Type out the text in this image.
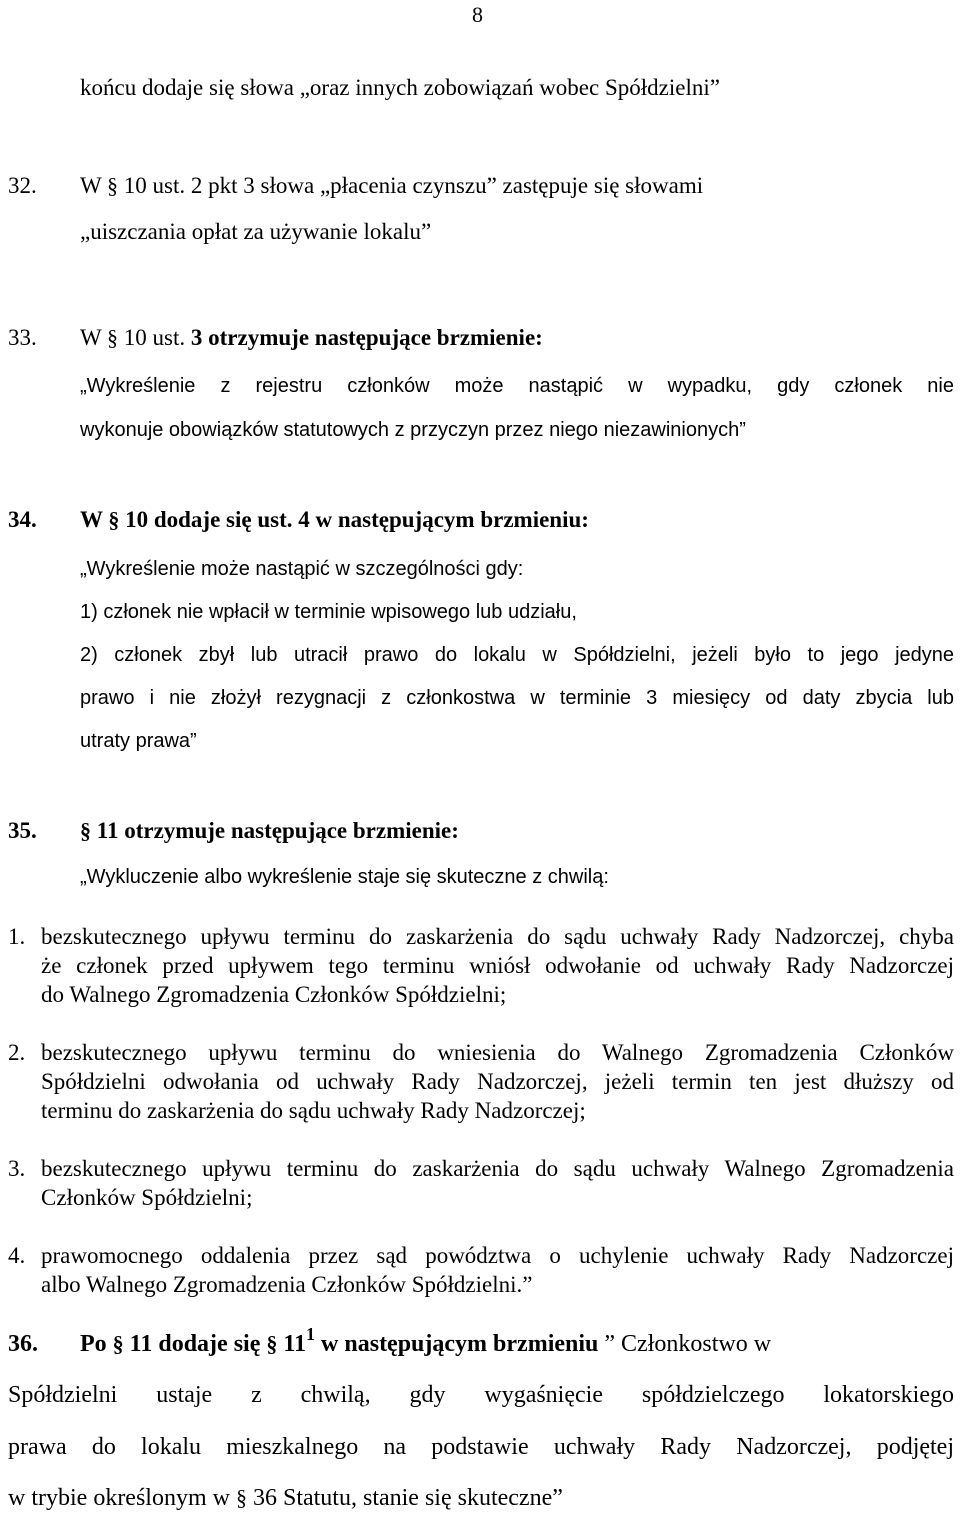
8
końcu dodaje się słowa „oraz innych zobowiązań wobec Spółdzielni”
32. W § 10 ust. 2 pkt 3 słowa „płacenia czynszu” zastępuje się słowami
„uiszczania opłat za używanie lokalu”
33. W § 10 ust. 3 otrzymuje następujące brzmienie:
„Wykreślenie z rejestru członków może nastąpić w wypadku, gdy członek nie
wykonuje obowiązków statutowych z przyczyn przez niego niezawinionych”
34. W § 10 dodaje się ust. 4 w następującym brzmieniu:
„Wykreślenie może nastąpić w szczególności gdy:
1) członek nie wpłacił w terminie wpisowego lub udziału,
2) członek zbył lub utracił prawo do lokalu w Spółdzielni, jeżeli było to jego jedyne
prawo i nie złożył rezygnacji z członkostwa w terminie 3 miesięcy od daty zbycia lub
utraty prawa”
35. § 11 otrzymuje następujące brzmienie:
„Wykluczenie albo wykreślenie staje się skuteczne z chwilą:
1. bezskutecznego upływu terminu do zaskarżenia do sądu uchwały Rady Nadzorczej, chyba
że członek przed upływem tego terminu wniósł odwołanie od uchwały Rady Nadzorczej
do Walnego Zgromadzenia Członków Spółdzielni;
2. bezskutecznego upływu terminu do wniesienia do Walnego Zgromadzenia Członków
Spółdzielni odwołania od uchwały Rady Nadzorczej, jeżeli termin ten jest dłuższy od
terminu do zaskarżenia do sądu uchwały Rady Nadzorczej;
3. bezskutecznego upływu terminu do zaskarżenia do sądu uchwały Walnego Zgromadzenia
Członków Spółdzielni;
4. prawomocnego oddalenia przez sąd powództwa o uchylenie uchwały Rady Nadzorczej
albo Walnego Zgromadzenia Członków Spółdzielni.”
36. Po § 11 dodaje się § $11^1$ w następującym brzmieniu ” Członkostwo w
Spółdzielni ustaje z chwilą, gdy wygaśnięcie spółdzielczego lokatorskiego
prawa do lokalu mieszkalnego na podstawie uchwały Rady Nadzorczej, podjętej
w trybie określonym w § 36 Statutu, stanie się skuteczne”
